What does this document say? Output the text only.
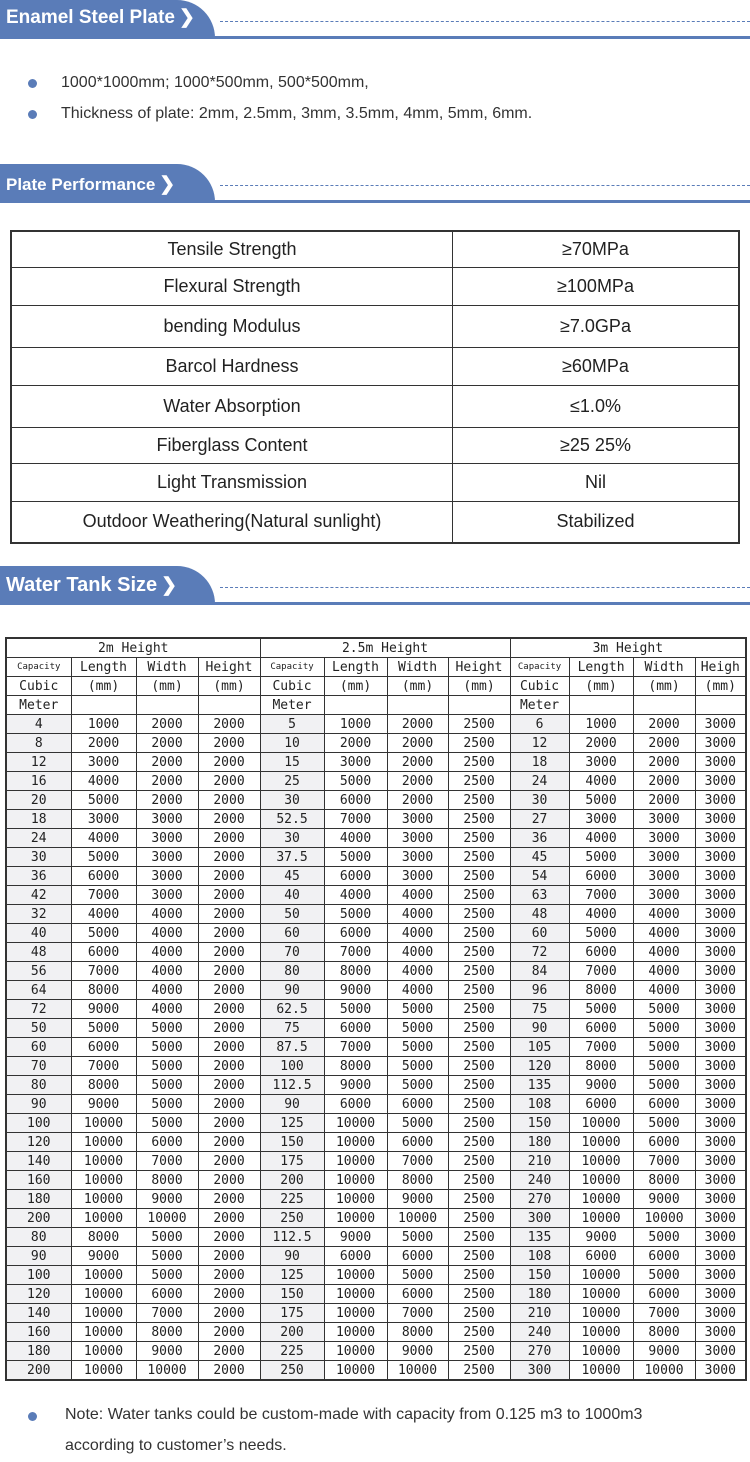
Enamel Steel Plate ❯
1000*1000mm; 1000*500mm, 500*500mm,
Thickness of plate: 2mm, 2.5mm, 3mm, 3.5mm, 4mm, 5mm, 6mm.
Plate Performance ❯
Tensile Strength	≥70MPa
Flexural Strength	≥100MPa
bending Modulus	≥7.0GPa
Barcol Hardness	≥60MPa
Water Absorption	≤1.0%
Fiberglass Content	≥25 25%
Light Transmission	Nil
Outdoor Weathering(Natural sunlight)	Stabilized
Water Tank Size ❯
2m Height				2.5m Height				3m Height			
Capacity	Length	Width	Height	Capacity	Length	Width	Height	Capacity	Length	Width	Heigh
Cubic	(mm)	(mm)	(mm)	Cubic	(mm)	(mm)	(mm)	Cubic	(mm)	(mm)	(mm)
Meter				Meter				Meter			
4	1000	2000	2000	5	1000	2000	2500	6	1000	2000	3000
8	2000	2000	2000	10	2000	2000	2500	12	2000	2000	3000
12	3000	2000	2000	15	3000	2000	2500	18	3000	2000	3000
16	4000	2000	2000	25	5000	2000	2500	24	4000	2000	3000
20	5000	2000	2000	30	6000	2000	2500	30	5000	2000	3000
18	3000	3000	2000	52.5	7000	3000	2500	27	3000	3000	3000
24	4000	3000	2000	30	4000	3000	2500	36	4000	3000	3000
30	5000	3000	2000	37.5	5000	3000	2500	45	5000	3000	3000
36	6000	3000	2000	45	6000	3000	2500	54	6000	3000	3000
42	7000	3000	2000	40	4000	4000	2500	63	7000	3000	3000
32	4000	4000	2000	50	5000	4000	2500	48	4000	4000	3000
40	5000	4000	2000	60	6000	4000	2500	60	5000	4000	3000
48	6000	4000	2000	70	7000	4000	2500	72	6000	4000	3000
56	7000	4000	2000	80	8000	4000	2500	84	7000	4000	3000
64	8000	4000	2000	90	9000	4000	2500	96	8000	4000	3000
72	9000	4000	2000	62.5	5000	5000	2500	75	5000	5000	3000
50	5000	5000	2000	75	6000	5000	2500	90	6000	5000	3000
60	6000	5000	2000	87.5	7000	5000	2500	105	7000	5000	3000
70	7000	5000	2000	100	8000	5000	2500	120	8000	5000	3000
80	8000	5000	2000	112.5	9000	5000	2500	135	9000	5000	3000
90	9000	5000	2000	90	6000	6000	2500	108	6000	6000	3000
100	10000	5000	2000	125	10000	5000	2500	150	10000	5000	3000
120	10000	6000	2000	150	10000	6000	2500	180	10000	6000	3000
140	10000	7000	2000	175	10000	7000	2500	210	10000	7000	3000
160	10000	8000	2000	200	10000	8000	2500	240	10000	8000	3000
180	10000	9000	2000	225	10000	9000	2500	270	10000	9000	3000
200	10000	10000	2000	250	10000	10000	2500	300	10000	10000	3000
80	8000	5000	2000	112.5	9000	5000	2500	135	9000	5000	3000
90	9000	5000	2000	90	6000	6000	2500	108	6000	6000	3000
100	10000	5000	2000	125	10000	5000	2500	150	10000	5000	3000
120	10000	6000	2000	150	10000	6000	2500	180	10000	6000	3000
140	10000	7000	2000	175	10000	7000	2500	210	10000	7000	3000
160	10000	8000	2000	200	10000	8000	2500	240	10000	8000	3000
180	10000	9000	2000	225	10000	9000	2500	270	10000	9000	3000
200	10000	10000	2000	250	10000	10000	2500	300	10000	10000	3000
Note: Water tanks could be custom-made with capacity from 0.125 m3 to 1000m3
according to customer’s needs.
